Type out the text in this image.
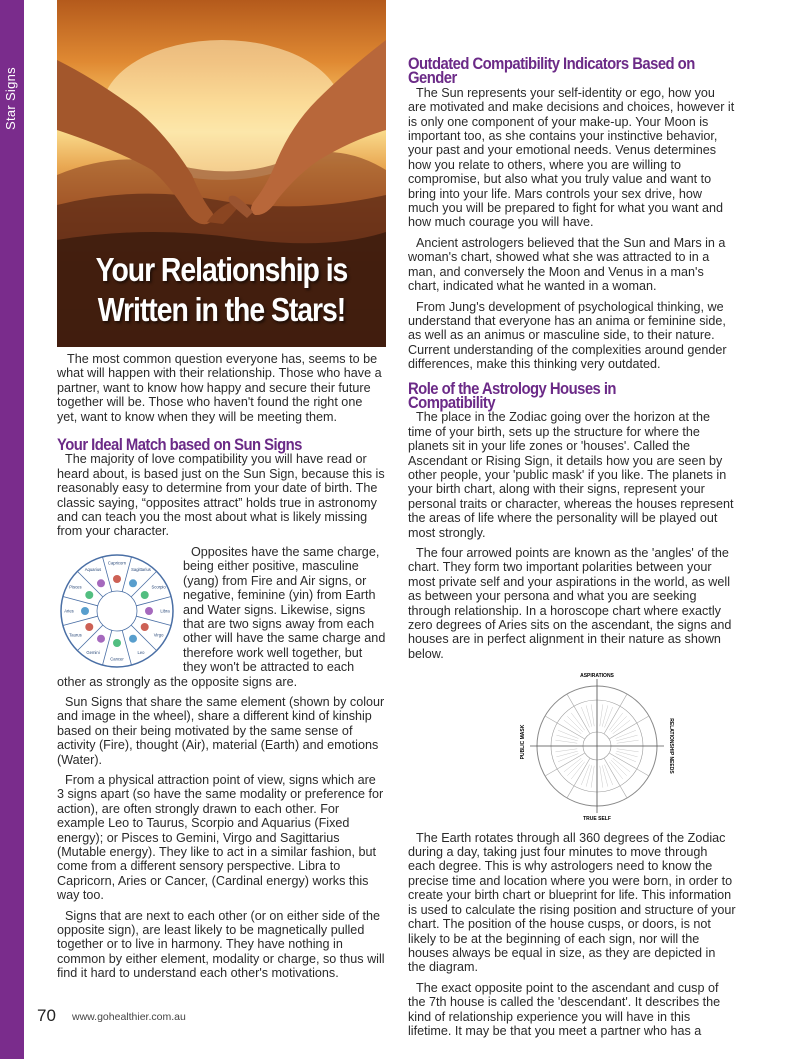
Star Signs
Your Relationship is
Written in the Stars!

The most common question everyone has, seems to be what will happen with their relationship. Those who have a partner, want to know how happy and secure their future together will be. Those who haven't found the right one yet, want to know when they will be meeting them.

Your Ideal Match based on Sun Signs

The majority of love compatibility you will have read or heard about, is based just on the Sun Sign, because this is reasonably easy to determine from your date of birth. The classic saying, “opposites attract” holds true in astronomy and can teach you the most about what is likely missing from your character.

Capricorn
Sagittarius
Scorpio
Libra
Virgo
Leo
Cancer
Gemini
Taurus
Aries
Pisces
Aquarius

Opposites have the same charge, being either positive, masculine (yang) from Fire and Air signs, or negative, feminine (yin) from Earth and Water signs. Likewise, signs that are two signs away from each other will have the same charge and therefore work well together, but they won't be attracted to each other as strongly as the opposite signs are.

Sun Signs that share the same element (shown by colour and image in the wheel), share a different kind of kinship based on their being motivated by the same sense of activity (Fire), thought (Air), material (Earth) and emotions (Water).

From a physical attraction point of view, signs which are 3 signs apart (so have the same modality or preference for action), are often strongly drawn to each other. For example Leo to Taurus, Scorpio and Aquarius (Fixed energy); or Pisces to Gemini, Virgo and Sagittarius (Mutable energy). They like to act in a similar fashion, but come from a different sensory perspective. Libra to Capricorn, Aries or Cancer, (Cardinal energy) works this way too.

Signs that are next to each other (or on either side of the opposite sign), are least likely to be magnetically pulled together or to live in harmony. They have nothing in common by either element, modality or charge, so thus will find it hard to understand each other's motivations.

Outdated Compatibility Indicators Based on Gender

The Sun represents your self-identity or ego, how you are motivated and make decisions and choices, however it is only one component of your make-up. Your Moon is important too, as she contains your instinctive behavior, your past and your emotional needs. Venus determines how you relate to others, where you are willing to compromise, but also what you truly value and want to bring into your life. Mars controls your sex drive, how much you will be prepared to fight for what you want and how much courage you will have.

Ancient astrologers believed that the Sun and Mars in a woman's chart, showed what she was attracted to in a man, and conversely the Moon and Venus in a man's chart, indicated what he wanted in a woman.

From Jung's development of psychological thinking, we understand that everyone has an anima or feminine side, as well as an animus or masculine side, to their nature. Current understanding of the complexities around gender differences, make this thinking very outdated.

Role of the Astrology Houses in Compatibility

The place in the Zodiac going over the horizon at the time of your birth, sets up the structure for where the planets sit in your life zones or 'houses'. Called the Ascendant or Rising Sign, it details how you are seen by other people, your 'public mask' if you like. The planets in your birth chart, along with their signs, represent your personal traits or character, whereas the houses represent the areas of life where the personality will be played out most strongly.

The four arrowed points are known as the 'angles' of the chart. They form two important polarities between your most private self and your aspirations in the world, as well as between your persona and what you are seeking through relationship. In a horoscope chart where exactly zero degrees of Aries sits on the ascendant, the signs and houses are in perfect alignment in their nature as shown below.

ASPIRATIONS
TRUE SELF
PUBLIC MASK	RELATIONSHIP NEEDS

The Earth rotates through all 360 degrees of the Zodiac during a day, taking just four minutes to move through each degree. This is why astrologers need to know the precise time and location where you were born, in order to create your birth chart or blueprint for life. This information is used to calculate the rising position and structure of your chart. The position of the house cusps, or doors, is not likely to be at the beginning of each sign, nor will the houses always be equal in size, as they are depicted in the diagram.

The exact opposite point to the ascendant and cusp of the 7th house is called the 'descendant'. It describes the kind of relationship experience you will have in this lifetime. It may be that you meet a partner who has a

70 www.gohealthier.com.au
